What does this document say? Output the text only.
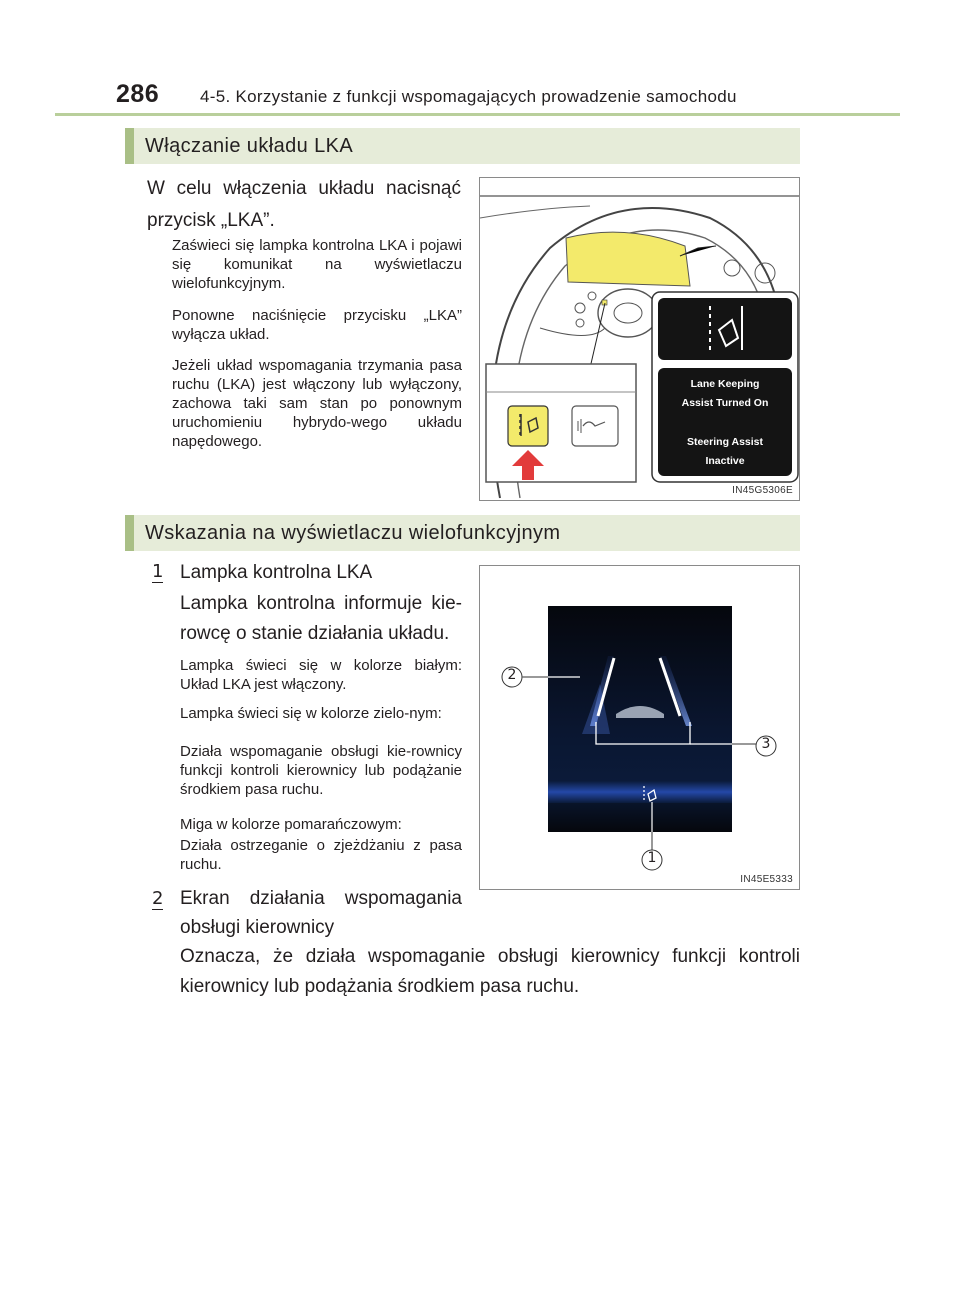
286 4-5. Korzystanie z funkcji wspomagających prowadzenie samochodu
Włączanie układu LKA
W celu włączenia układu nacisnąć przycisk „LKA”.
Zaświeci się lampka kontrolna LKA i pojawi się komunikat na wyświetlaczu wielofunkcyjnym.
Ponowne naciśnięcie przycisku „LKA” wyłącza układ.
Jeżeli układ wspomagania trzymania pasa ruchu (LKA) jest włączony lub wyłączony, zachowa taki sam stan po ponownym uruchomieniu hybrydo-wego układu napędowego.
Lane Keeping
Assist Turned On
Steering Assist
Inactive
IN45G5306E
Wskazania na wyświetlaczu wielofunkcyjnym
1 Lampka kontrolna LKA
Lampka kontrolna informuje kie-rowcę o stanie działania układu.
Lampka świeci się w kolorze białym: Układ LKA jest włączony.
Lampka świeci się w kolorze zielo-nym:
Działa wspomaganie obsługi kie-rownicy funkcji kontroli kierownicy lub podążanie środkiem pasa ruchu.
Miga w kolorze pomarańczowym:
Działa ostrzeganie o zjeżdżaniu z pasa ruchu.
2 Ekran działania wspomagania obsługi kierownicy
Oznacza, że działa wspomaganie obsługi kierownicy funkcji kontroli kierownicy lub podążania środkiem pasa ruchu.
2
3
1
IN45E5333
